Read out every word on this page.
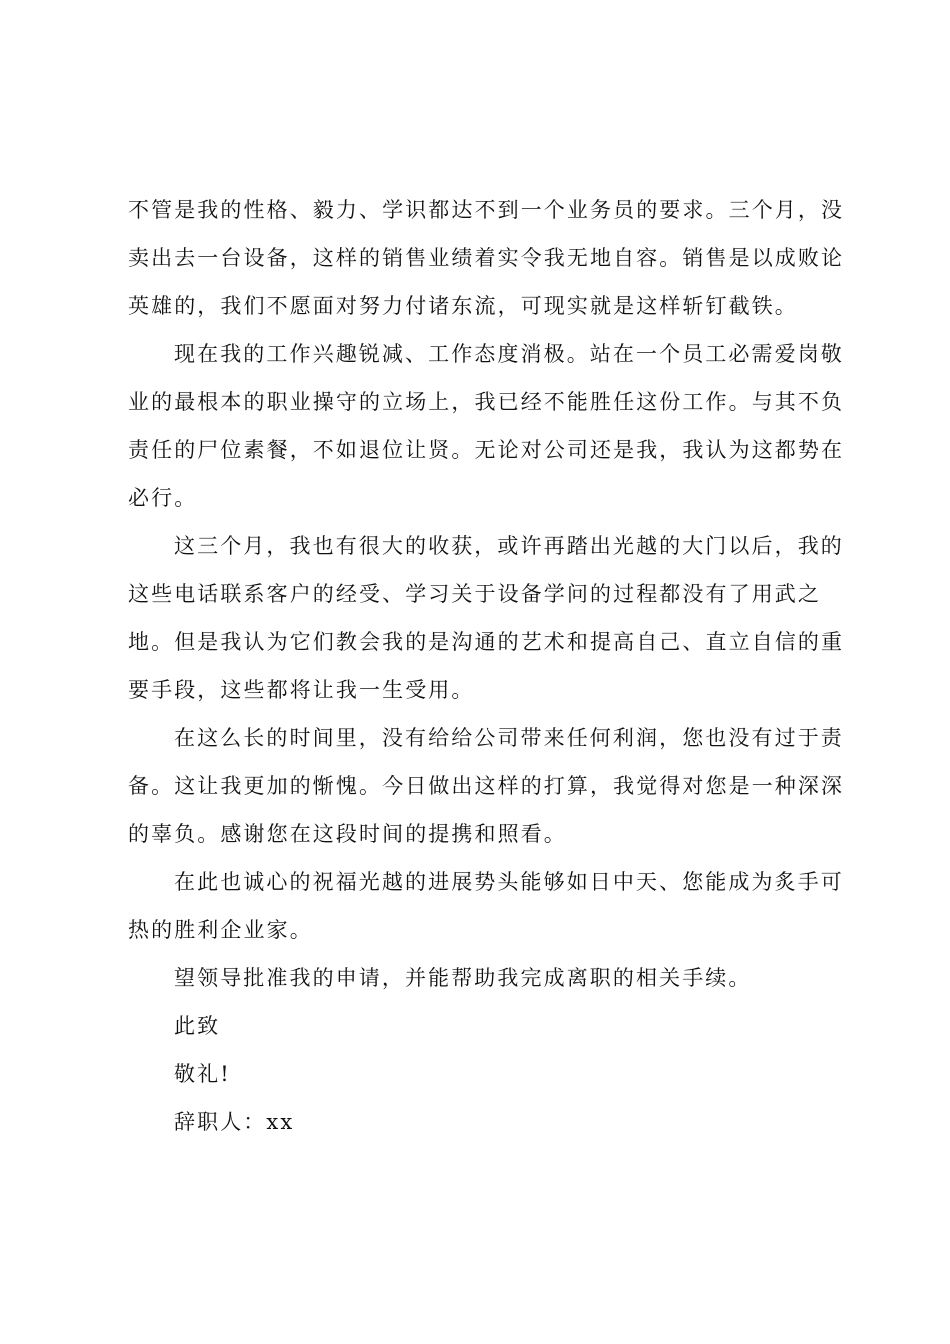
不管是我的性格、毅力、学识都达不到一个业务员的要求。三个月，没
卖出去一台设备，这样的销售业绩着实令我无地自容。销售是以成败论
英雄的，我们不愿面对努力付诸东流，可现实就是这样斩钉截铁。
现在我的工作兴趣锐减、工作态度消极。站在一个员工必需爱岗敬
业的最根本的职业操守的立场上，我已经不能胜任这份工作。与其不负
责任的尸位素餐，不如退位让贤。无论对公司还是我，我认为这都势在
必行。
这三个月，我也有很大的收获，或许再踏出光越的大门以后，我的
这些电话联系客户的经受、学习关于设备学问的过程都没有了用武之
地。但是我认为它们教会我的是沟通的艺术和提高自己、直立自信的重
要手段，这些都将让我一生受用。
在这么长的时间里，没有给给公司带来任何利润，您也没有过于责
备。这让我更加的惭愧。今日做出这样的打算，我觉得对您是一种深深
的辜负。感谢您在这段时间的提携和照看。
在此也诚心的祝福光越的进展势头能够如日中天、您能成为炙手可
热的胜利企业家。
望领导批准我的申请，并能帮助我完成离职的相关手续。
此致
敬礼!
辞职人：xx
